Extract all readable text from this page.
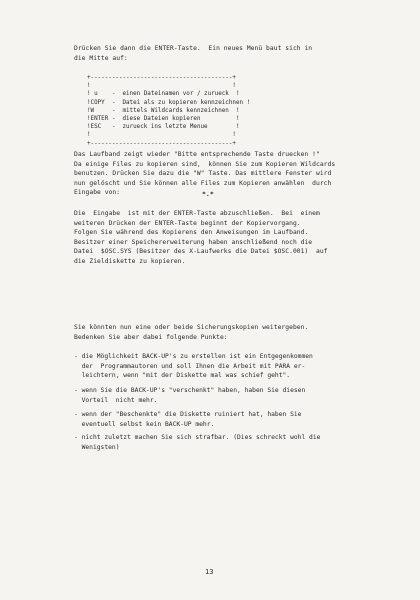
Drücken Sie dann die ENTER-Taste.  Ein neues Menü baut sich in
die Mitte auf:

+----------------------------------------+
!                                        !
! u    -  einen Dateinamen vor / zurueck  !
!COPY  -  Datei als zu kopieren kennzeichnen !
!W     -  mittels Wildcards kennzeichnen  !
!ENTER -  diese Dateien kopieren          !
!ESC   -  zurueck ins letzte Menue        !
!                                        !
+----------------------------------------+

Das Laufband zeigt wieder "Bitte entsprechende Taste druecken !"
Da einige Files zu kopieren sind,  können Sie zum Kopieren Wildcards
benutzen. Drücken Sie dazu die "W" Taste. Das mittlere Fenster wird
nun gelöscht und Sie können alle Files zum Kopieren anwählen  durch
Eingabe von:	*.*

Die  Eingabe  ist mit der ENTER-Taste abzuschließen.  Bei  einem
weiteren Drücken der ENTER-Taste beginnt der Kopiervorgang.
Folgen Sie während des Kopierens den Anweisungen im Laufband.
Besitzer einer Speichererweiterung haben anschließend noch die
Datei  $OSC.SYS (Besitzer des X-Laufwerks die Datei $OSC.001)  auf
die Zieldiskette zu kopieren.

Sie könnten nun eine oder beide Sicherungskopien weitergeben.
Bedenken Sie aber dabei folgende Punkte:

- die Möglichkeit BACK-UP's zu erstellen ist ein Entgegenkommen
der  Programmautoren und soll Ihnen die Arbeit mit PARA er-
leichtern, wenn "mit der Diskette mal was schief geht".

- wenn Sie die BACK-UP's "verschenkt" haben, haben Sie diesen
Vorteil  nicht mehr.

- wenn der "Beschenkte" die Diskette ruiniert hat, haben Sie
eventuell selbst kein BACK-UP mehr.

- nicht zuletzt machen Sie sich strafbar. (Dies schreckt wohl die
Wenigsten)

13
